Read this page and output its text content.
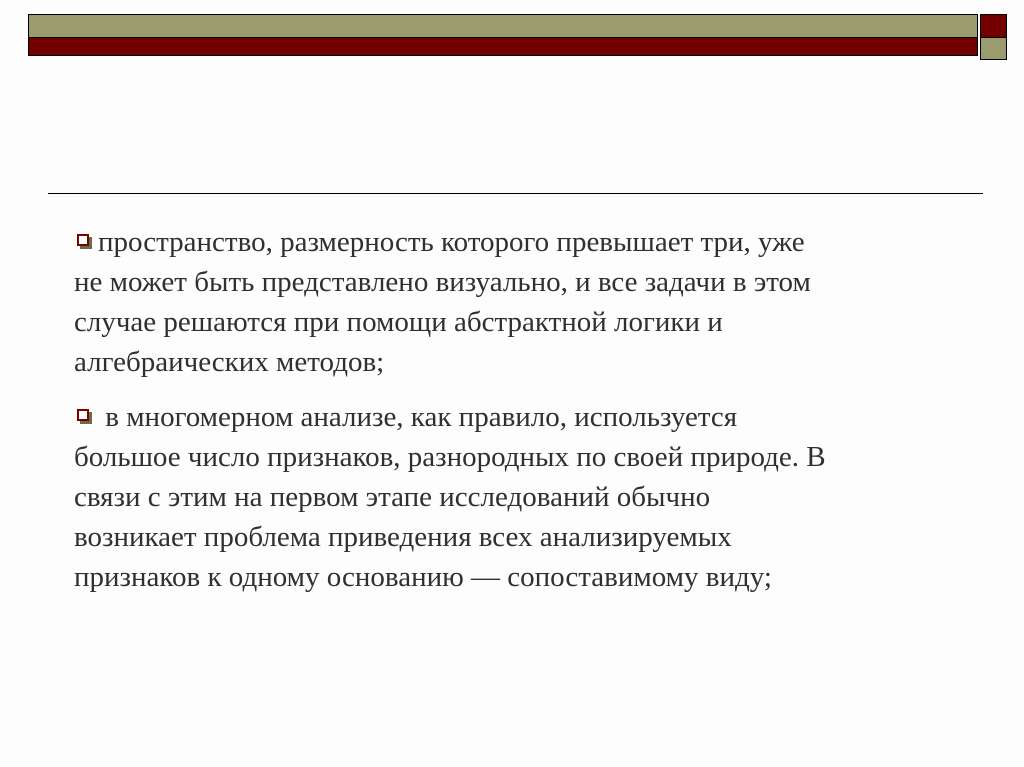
пространство, размерность которого превышает три, уже
не может быть представлено визуально, и все задачи в этом
случае решаются при помощи абстрактной логики и
алгебраических методов;
в многомерном анализе, как правило, используется
большое число признаков, разнородных по своей природе. В
связи с этим на первом этапе исследований обычно
возникает проблема приведения всех анализируемых
признаков к одному основанию — сопоставимому виду;
